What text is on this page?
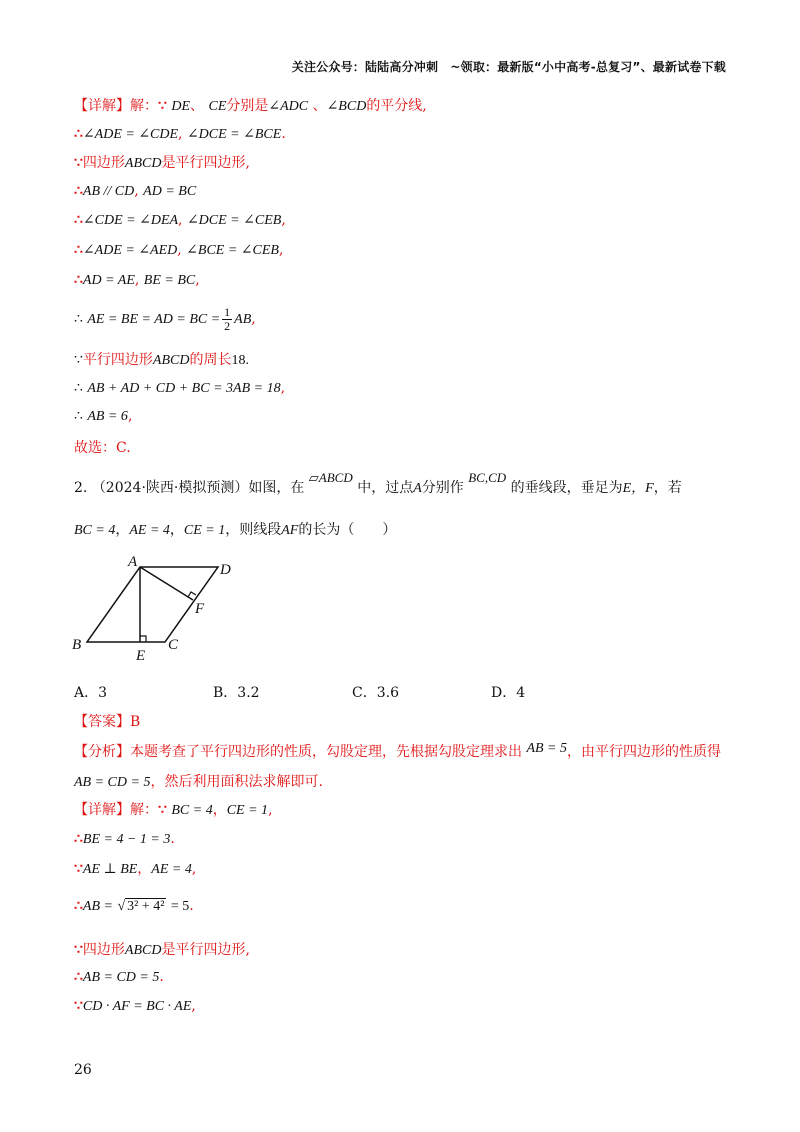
关注公众号：陆陆高分冲刺　~领取：最新版“小中高考-总复习”、最新试卷下载
【详解】解：∵ DE、 CE分别是∠ADC 、∠BCD的平分线,
∴∠ADE = ∠CDE, ∠DCE = ∠BCE.
∵四边形ABCD是平行四边形,
∴AB // CD, AD = BC
∴∠CDE = ∠DEA, ∠DCE = ∠CEB,
∴∠ADE = ∠AED, ∠BCE = ∠CEB,
∴AD = AE, BE = BC,
∴ AE = BE = AD = BC = $\frac{1}{2}$ AB,
∵平行四边形ABCD的周长18.
∴ AB + AD + CD + BC = 3AB = 18,
∴ AB = 6,
故选：C.
2. （2024·陕西·模拟预测）如图，在 ▱ABCD 中，过点A分别作 BC,CD 的垂线段，垂足为E，F，若
BC = 4，AE = 4，CE = 1，则线段AF的长为（　　）
A	D
B	C
E
F
A．3	B．3.2	C．3.6	D．4
【答案】B
【分析】本题考查了平行四边形的性质，勾股定理，先根据勾股定理求出 AB = 5，由平行四边形的性质得
AB = CD = 5，然后利用面积法求解即可.
【详解】解：∵ BC = 4，CE = 1,
∴BE = 4 − 1 = 3.
∵AE ⊥ BE，AE = 4,
∴AB = √ 3² + 4² = 5.
∵四边形ABCD是平行四边形,
∴AB = CD = 5.
∵CD · AF = BC · AE,
26
